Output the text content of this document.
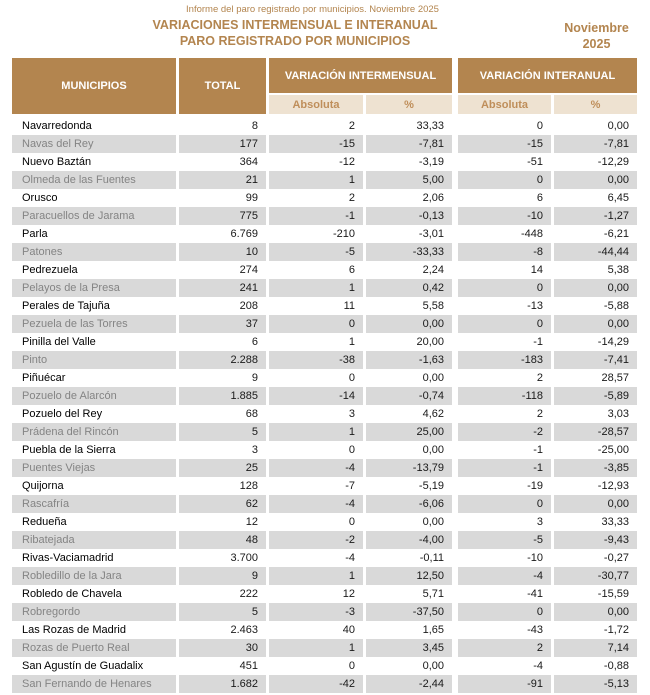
Informe del paro registrado por municipios. Noviembre 2025
VARIACIONES INTERMENSUAL E INTERANUAL
PARO REGISTRADO POR MUNICIPIOS
Noviembre
2025
MUNICIPIOS	TOTAL
VARIACIÓN INTERMENSUAL
Absoluta	%
VARIACIÓN INTERANUAL
Absoluta	%
Navarredonda	8	2	33,33	0	0,00
Navas del Rey	177	-15	-7,81	-15	-7,81
Nuevo Baztán	364	-12	-3,19	-51	-12,29
Olmeda de las Fuentes	21	1	5,00	0	0,00
Orusco	99	2	2,06	6	6,45
Paracuellos de Jarama	775	-1	-0,13	-10	-1,27
Parla	6.769	-210	-3,01	-448	-6,21
Patones	10	-5	-33,33	-8	-44,44
Pedrezuela	274	6	2,24	14	5,38
Pelayos de la Presa	241	1	0,42	0	0,00
Perales de Tajuña	208	11	5,58	-13	-5,88
Pezuela de las Torres	37	0	0,00	0	0,00
Pinilla del Valle	6	1	20,00	-1	-14,29
Pinto	2.288	-38	-1,63	-183	-7,41
Piñuécar	9	0	0,00	2	28,57
Pozuelo de Alarcón	1.885	-14	-0,74	-118	-5,89
Pozuelo del Rey	68	3	4,62	2	3,03
Prádena del Rincón	5	1	25,00	-2	-28,57
Puebla de la Sierra	3	0	0,00	-1	-25,00
Puentes Viejas	25	-4	-13,79	-1	-3,85
Quijorna	128	-7	-5,19	-19	-12,93
Rascafría	62	-4	-6,06	0	0,00
Redueña	12	0	0,00	3	33,33
Ribatejada	48	-2	-4,00	-5	-9,43
Rivas-Vaciamadrid	3.700	-4	-0,11	-10	-0,27
Robledillo de la Jara	9	1	12,50	-4	-30,77
Robledo de Chavela	222	12	5,71	-41	-15,59
Robregordo	5	-3	-37,50	0	0,00
Las Rozas de Madrid	2.463	40	1,65	-43	-1,72
Rozas de Puerto Real	30	1	3,45	2	7,14
San Agustín de Guadalix	451	0	0,00	-4	-0,88
San Fernando de Henares	1.682	-42	-2,44	-91	-5,13
